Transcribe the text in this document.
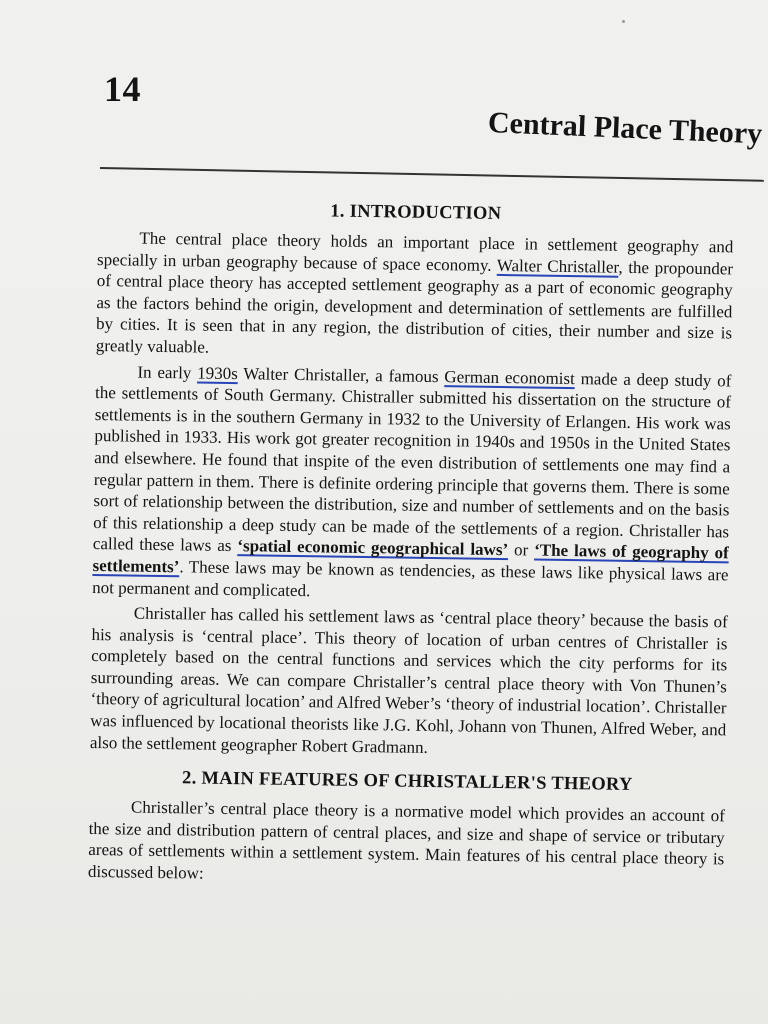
14
Central Place Theory
1. INTRODUCTION

The central place theory holds an important place in settlement geography and specially in urban geography because of space economy. Walter Christaller, the propounder of central place theory has accepted settlement geography as a part of economic geography as the factors behind the origin, development and determination of settlements are fulfilled by cities. It is seen that in any region, the distribution of cities, their number and size is greatly valuable.

In early 1930s Walter Christaller, a famous German economist made a deep study of the settlements of South Germany. Chistraller submitted his dissertation on the structure of settlements is in the southern Germany in 1932 to the University of Erlangen. His work was published in 1933. His work got greater recognition in 1940s and 1950s in the United States and elsewhere. He found that inspite of the even distribution of settlements one may find a regular pattern in them. There is definite ordering principle that governs them. There is some sort of relationship between the distribution, size and number of settlements and on the basis of this relationship a deep study can be made of the settlements of a region. Christaller has called these laws as ‘spatial economic geographical laws’ or ‘The laws of geography of settlements’. These laws may be known as tendencies, as these laws like physical laws are not permanent and complicated.

Christaller has called his settlement laws as ‘central place theory’ because the basis of his analysis is ‘central place’. This theory of location of urban centres of Christaller is completely based on the central functions and services which the city performs for its surrounding areas. We can compare Christaller’s central place theory with Von Thunen’s ‘theory of agricultural location’ and Alfred Weber’s ‘theory of industrial location’. Christaller was influenced by locational theorists like J.G. Kohl, Johann von Thunen, Alfred Weber, and also the settlement geographer Robert Gradmann.

2. MAIN FEATURES OF CHRISTALLER'S THEORY

Christaller’s central place theory is a normative model which provides an account of the size and distribution pattern of central places, and size and shape of service or tributary areas of settlements within a settlement system. Main features of his central place theory is discussed below:
